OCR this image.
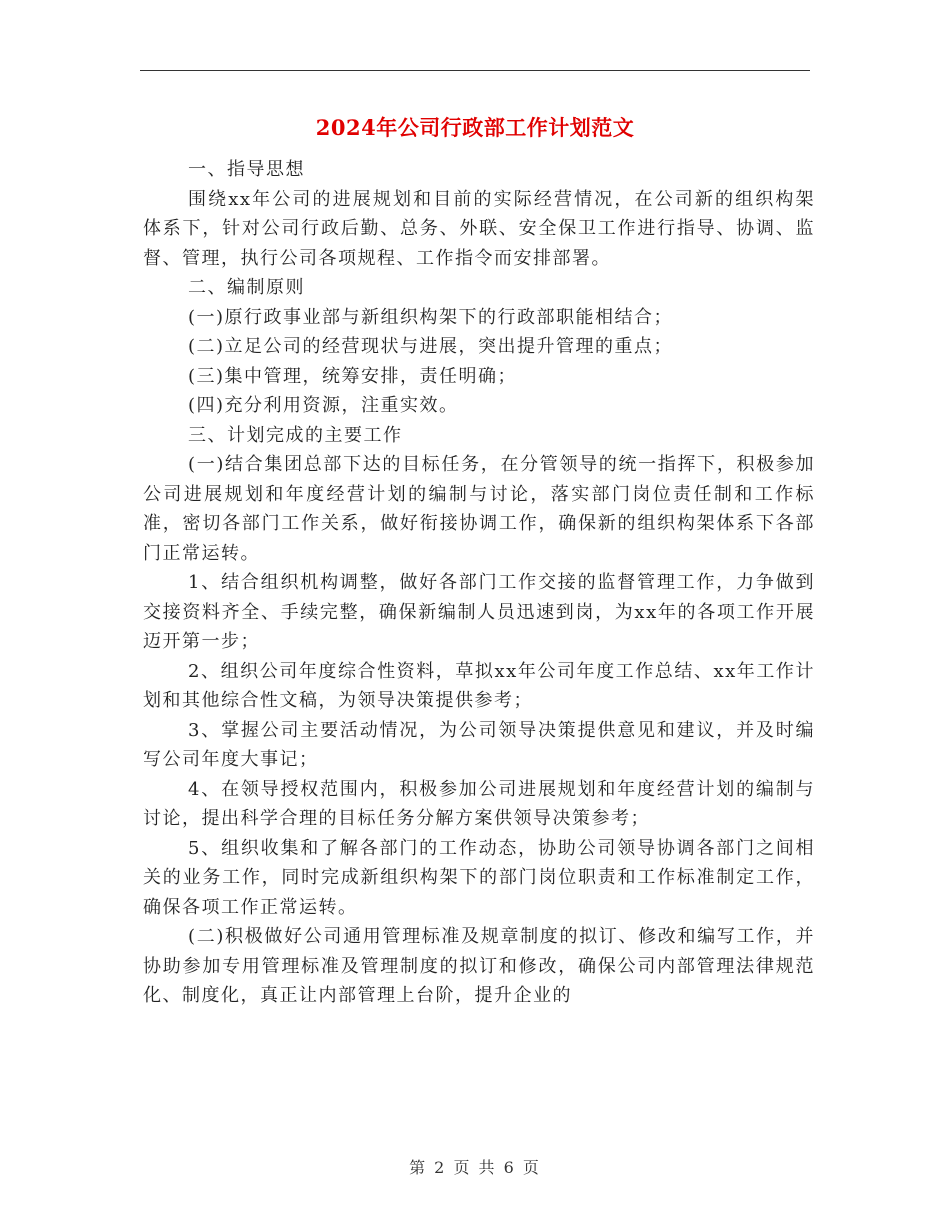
2024年公司行政部工作计划范文

一、指导思想

围绕xx年公司的进展规划和目前的实际经营情况，在公司新的组织构架体系下，针对公司行政后勤、总务、外联、安全保卫工作进行指导、协调、监督、管理，执行公司各项规程、工作指令而安排部署。

二、编制原则

(一)原行政事业部与新组织构架下的行政部职能相结合；

(二)立足公司的经营现状与进展，突出提升管理的重点；

(三)集中管理，统筹安排，责任明确；

(四)充分利用资源，注重实效。

三、计划完成的主要工作

(一)结合集团总部下达的目标任务，在分管领导的统一指挥下，积极参加公司进展规划和年度经营计划的编制与讨论，落实部门岗位责任制和工作标准，密切各部门工作关系，做好衔接协调工作，确保新的组织构架体系下各部门正常运转。

1、结合组织机构调整，做好各部门工作交接的监督管理工作，力争做到交接资料齐全、手续完整，确保新编制人员迅速到岗，为xx年的各项工作开展迈开第一步；

2、组织公司年度综合性资料，草拟xx年公司年度工作总结、xx年工作计划和其他综合性文稿，为领导决策提供参考；

3、掌握公司主要活动情况，为公司领导决策提供意见和建议，并及时编写公司年度大事记；

4、在领导授权范围内，积极参加公司进展规划和年度经营计划的编制与讨论，提出科学合理的目标任务分解方案供领导决策参考；

5、组织收集和了解各部门的工作动态，协助公司领导协调各部门之间相关的业务工作，同时完成新组织构架下的部门岗位职责和工作标准制定工作，确保各项工作正常运转。

(二)积极做好公司通用管理标准及规章制度的拟订、修改和编写工作，并协助参加专用管理标准及管理制度的拟订和修改，确保公司内部管理法律规范化、制度化，真正让内部管理上台阶，提升企业的

第 2 页 共 6 页
